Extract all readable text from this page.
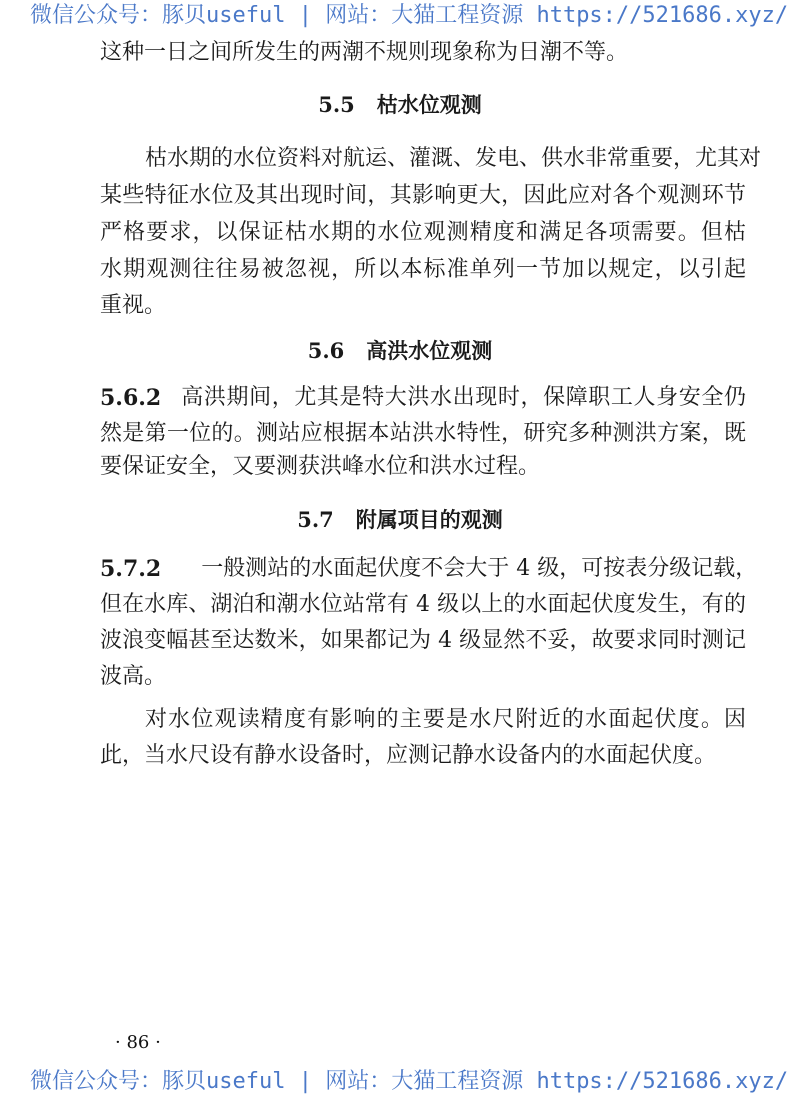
微信公众号：豚贝useful | 网站：大猫工程资源 https://521686.xyz/
这种一日之间所发生的两潮不规则现象称为日潮不等。
5.5 枯水位观测
枯水期的水位资料对航运、灌溉、发电、供水非常重要，尤其对
某些特征水位及其出现时间，其影响更大，因此应对各个观测环节
严格要求，以保证枯水期的水位观测精度和满足各项需要。但枯
水期观测往往易被忽视，所以本标准单列一节加以规定，以引起
重视。
5.6 高洪水位观测
5.6.2 高洪期间，尤其是特大洪水出现时，保障职工人身安全仍
然是第一位的。测站应根据本站洪水特性，研究多种测洪方案，既
要保证安全，又要测获洪峰水位和洪水过程。
5.7 附属项目的观测
5.7.2 一般测站的水面起伏度不会大于 4 级，可按表分级记载，
但在水库、湖泊和潮水位站常有 4 级以上的水面起伏度发生，有的
波浪变幅甚至达数米，如果都记为 4 级显然不妥，故要求同时测记
波高。
对水位观读精度有影响的主要是水尺附近的水面起伏度。因
此，当水尺设有静水设备时，应测记静水设备内的水面起伏度。
· 86 ·
微信公众号：豚贝useful | 网站：大猫工程资源 https://521686.xyz/
